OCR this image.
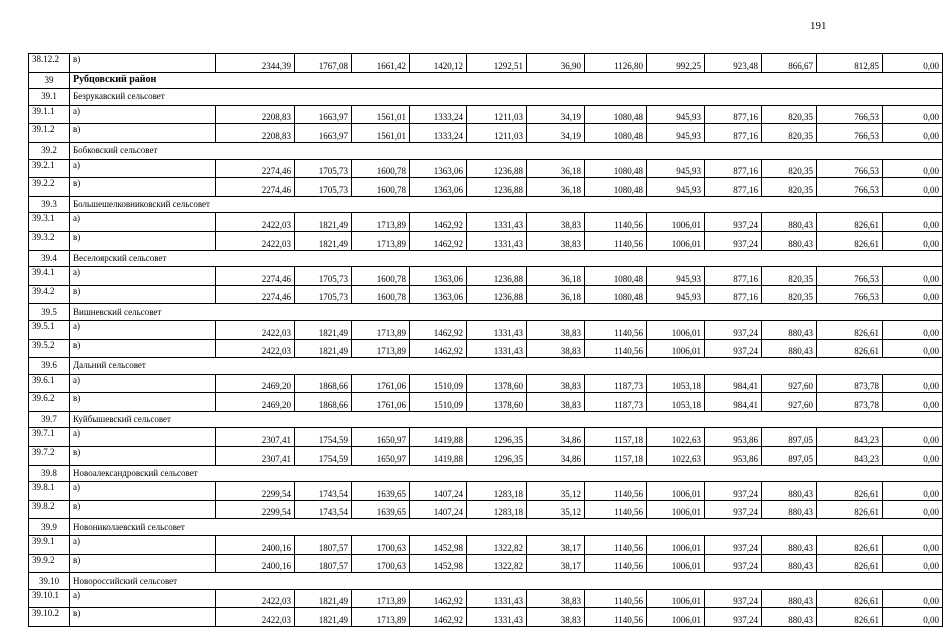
191
38.12.2	в)	2344,39	1767,08	1661,42	1420,12	1292,51	36,90	1126,80	992,25	923,48	866,67	812,85	0,00
39	Рубцовский район												
39.1	Безрукавский сельсовет												
39.1.1	а)	2208,83	1663,97	1561,01	1333,24	1211,03	34,19	1080,48	945,93	877,16	820,35	766,53	0,00
39.1.2	в)	2208,83	1663,97	1561,01	1333,24	1211,03	34,19	1080,48	945,93	877,16	820,35	766,53	0,00
39.2	Бобковский сельсовет												
39.2.1	а)	2274,46	1705,73	1600,78	1363,06	1236,88	36,18	1080,48	945,93	877,16	820,35	766,53	0,00
39.2.2	в)	2274,46	1705,73	1600,78	1363,06	1236,88	36,18	1080,48	945,93	877,16	820,35	766,53	0,00
39.3	Большешелковниковский сельсовет												
39.3.1	а)	2422,03	1821,49	1713,89	1462,92	1331,43	38,83	1140,56	1006,01	937,24	880,43	826,61	0,00
39.3.2	в)	2422,03	1821,49	1713,89	1462,92	1331,43	38,83	1140,56	1006,01	937,24	880,43	826,61	0,00
39.4	Веселоярский сельсовет												
39.4.1	а)	2274,46	1705,73	1600,78	1363,06	1236,88	36,18	1080,48	945,93	877,16	820,35	766,53	0,00
39.4.2	в)	2274,46	1705,73	1600,78	1363,06	1236,88	36,18	1080,48	945,93	877,16	820,35	766,53	0,00
39.5	Вишневский сельсовет												
39.5.1	а)	2422,03	1821,49	1713,89	1462,92	1331,43	38,83	1140,56	1006,01	937,24	880,43	826,61	0,00
39.5.2	в)	2422,03	1821,49	1713,89	1462,92	1331,43	38,83	1140,56	1006,01	937,24	880,43	826,61	0,00
39.6	Дальний сельсовет												
39.6.1	а)	2469,20	1868,66	1761,06	1510,09	1378,60	38,83	1187,73	1053,18	984,41	927,60	873,78	0,00
39.6.2	в)	2469,20	1868,66	1761,06	1510,09	1378,60	38,83	1187,73	1053,18	984,41	927,60	873,78	0,00
39.7	Куйбышевский сельсовет												
39.7.1	а)	2307,41	1754,59	1650,97	1419,88	1296,35	34,86	1157,18	1022,63	953,86	897,05	843,23	0,00
39.7.2	в)	2307,41	1754,59	1650,97	1419,88	1296,35	34,86	1157,18	1022,63	953,86	897,05	843,23	0,00
39.8	Новоалександровский сельсовет												
39.8.1	а)	2299,54	1743,54	1639,65	1407,24	1283,18	35,12	1140,56	1006,01	937,24	880,43	826,61	0,00
39.8.2	в)	2299,54	1743,54	1639,65	1407,24	1283,18	35,12	1140,56	1006,01	937,24	880,43	826,61	0,00
39.9	Новониколаевский сельсовет												
39.9.1	а)	2400,16	1807,57	1700,63	1452,98	1322,82	38,17	1140,56	1006,01	937,24	880,43	826,61	0,00
39.9.2	в)	2400,16	1807,57	1700,63	1452,98	1322,82	38,17	1140,56	1006,01	937,24	880,43	826,61	0,00
39.10	Новороссийский сельсовет												
39.10.1	а)	2422,03	1821,49	1713,89	1462,92	1331,43	38,83	1140,56	1006,01	937,24	880,43	826,61	0,00
39.10.2	в)	2422,03	1821,49	1713,89	1462,92	1331,43	38,83	1140,56	1006,01	937,24	880,43	826,61	0,00
